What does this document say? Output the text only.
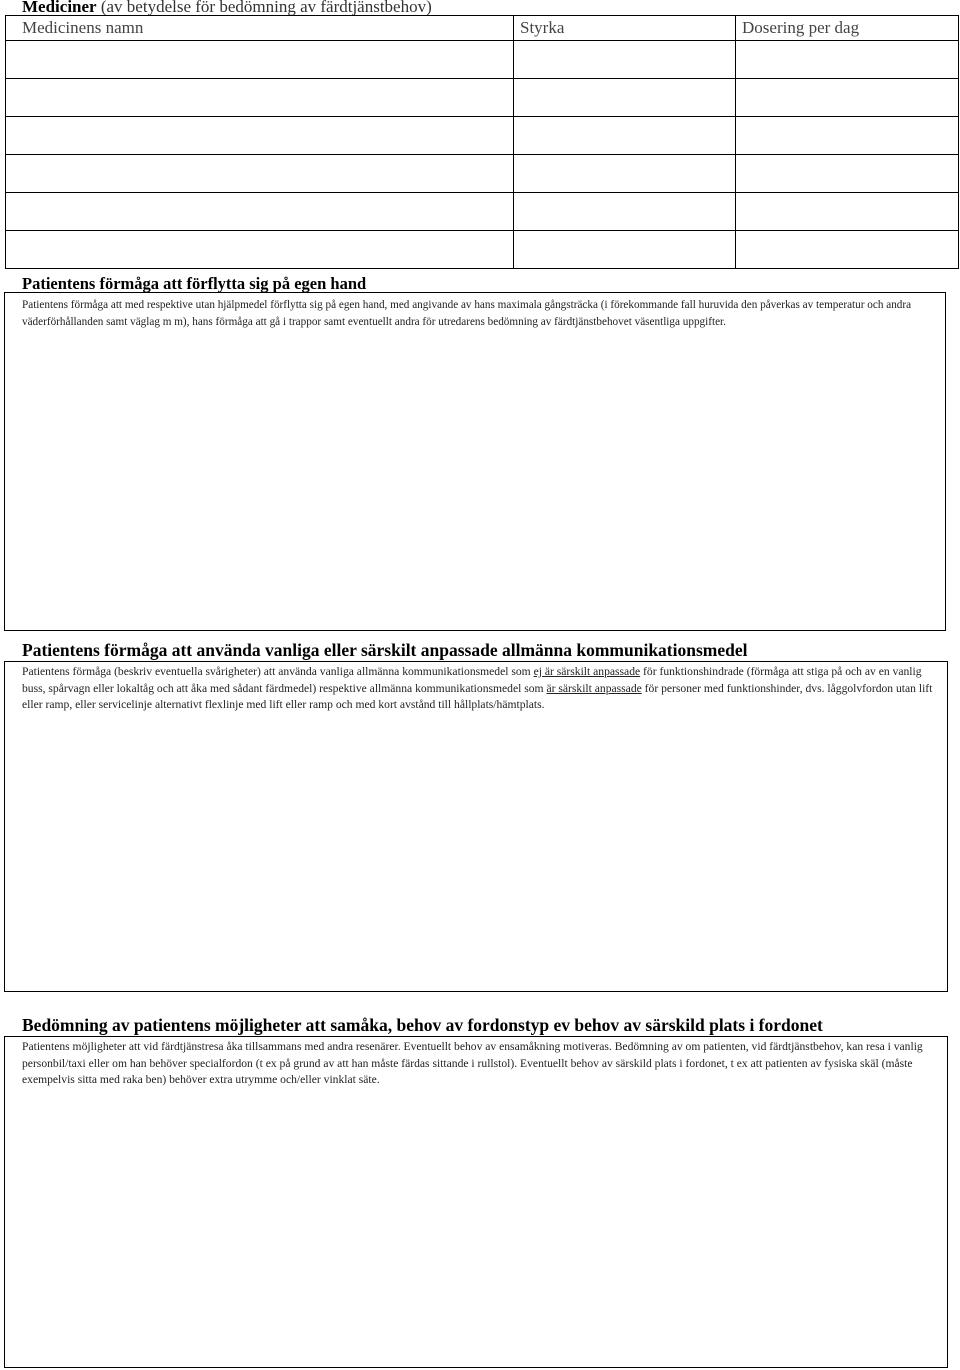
Mediciner (av betydelse för bedömning av färdtjänstbehov)
Medicinens namn	Styrka	Dosering per dag

Patientens förmåga att förflytta sig på egen hand
Patientens förmåga att med respektive utan hjälpmedel förflytta sig på egen hand, med angivande av hans maximala gångsträcka (i förekommande fall huruvida den påverkas av temperatur och andra väderförhållanden samt väglag m m), hans förmåga att gå i trappor samt eventuellt andra för utredarens bedömning av färdtjänstbehovet väsentliga uppgifter.
Patientens förmåga att använda vanliga eller särskilt anpassade allmänna kommunikationsmedel
Patientens förmåga (beskriv eventuella svårigheter) att använda vanliga allmänna kommunikationsmedel som ej är särskilt anpassade för funktionshindrade (förmåga att stiga på och av en vanlig buss, spårvagn eller lokaltåg och att åka med sådant färdmedel) respektive allmänna kommunikationsmedel som är särskilt anpassade för personer med funktionshinder, dvs. låggolvfordon utan lift eller ramp, eller servicelinje alternativt flexlinje med lift eller ramp och med kort avstånd till hållplats/hämtplats.
Bedömning av patientens möjligheter att samåka, behov av fordonstyp ev behov av särskild plats i fordonet
Patientens möjligheter att vid färdtjänstresa åka tillsammans med andra resenärer. Eventuellt behov av ensamåkning motiveras. Bedömning av om patienten, vid färdtjänstbehov, kan resa i vanlig personbil/taxi eller om han behöver specialfordon (t ex på grund av att han måste färdas sittande i rullstol). Eventuellt behov av särskild plats i fordonet, t ex att patienten av fysiska skäl (måste exempelvis sitta med raka ben) behöver extra utrymme och/eller vinklat säte.
